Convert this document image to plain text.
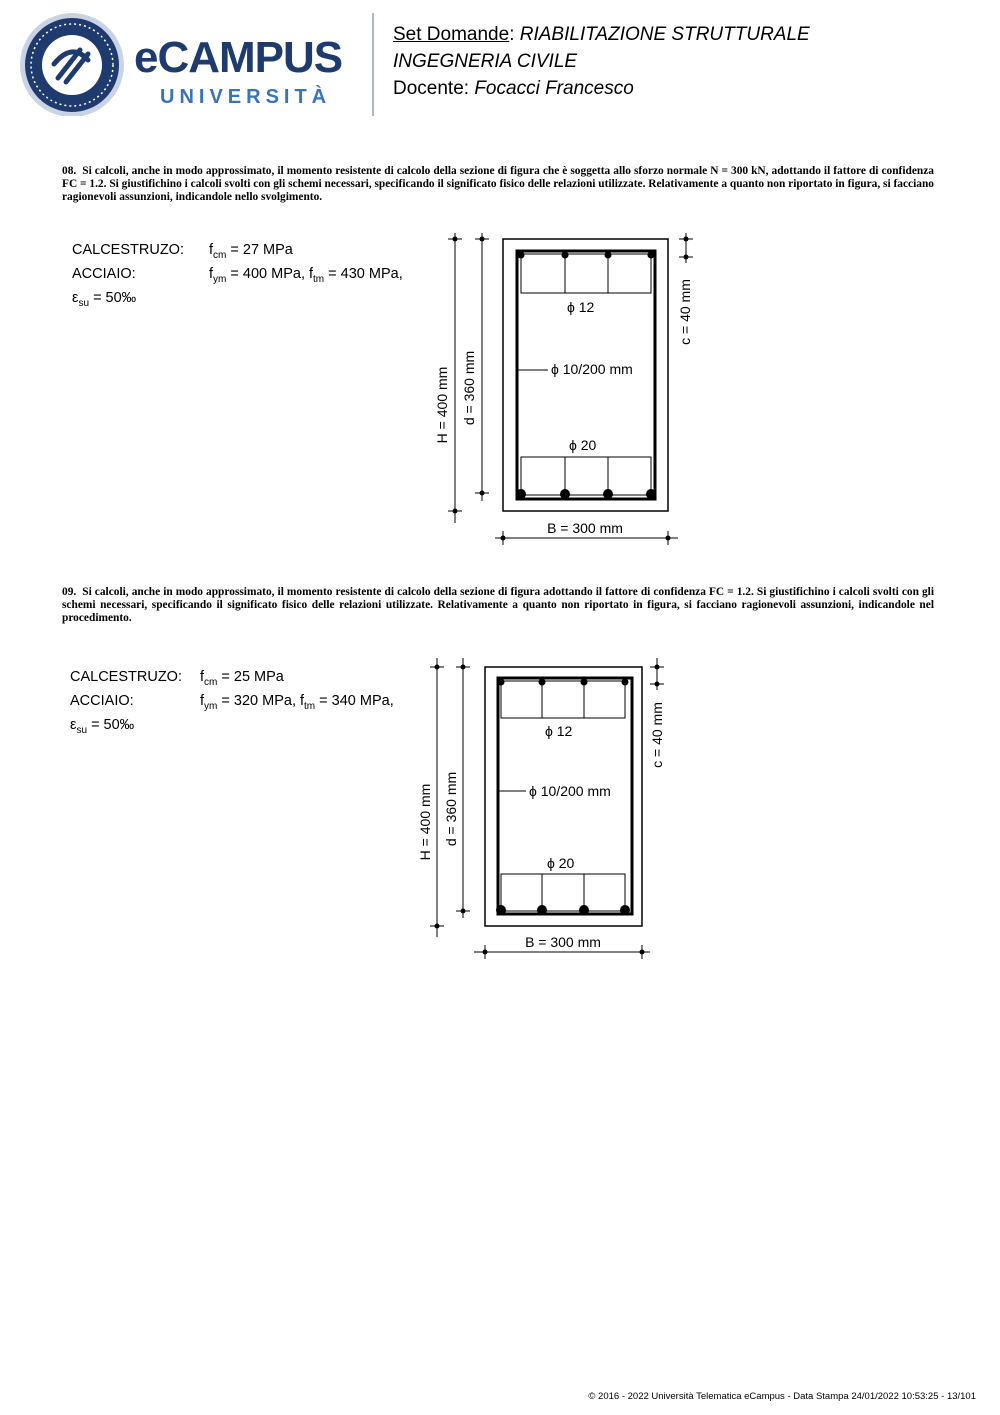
eCAMPUS
UNIVERSITÀ
Set Domande: RIABILITAZIONE STRUTTURALE
INGEGNERIA CIVILE
Docente: Focacci Francesco
08. Si calcoli, anche in modo approssimato, il momento resistente di calcolo della sezione di figura che è soggetta allo sforzo normale N = 300 kN, adottando il fattore di confidenza FC = 1.2. Si giustifichino i calcoli svolti con gli schemi necessari, specificando il significato fisico delle relazioni utilizzate. Relativamente a quanto non riportato in figura, si facciano ragionevoli assunzioni, indicandole nello svolgimento.
CALCESTRUZO: $f_{cm} = 27$ MPa
ACCIAIO:	$f_{ym} = 400$ MPa, $f_{tm} = 430$ MPa,
$\varepsilon_{su}$ = 50‰
ϕ 12
ϕ 10/200 mm
ϕ 20
B = 300 mm
H = 400 mm d = 360 mm
c = 40 mm
09. Si calcoli, anche in modo approssimato, il momento resistente di calcolo della sezione di figura adottando il fattore di confidenza FC = 1.2. Si giustifichino i calcoli svolti con gli schemi necessari, specificando il significato fisico delle relazioni utilizzate. Relativamente a quanto non riportato in figura, si facciano ragionevoli assunzioni, indicandole nel procedimento.
CALCESTRUZO: $f_{cm} = 25$ MPa
ACCIAIO:	$f_{ym} = 320$ MPa, $f_{tm} = 340$ MPa,
$\varepsilon_{su}$ = 50‰	ϕ 12
ϕ 10/200 mm
ϕ 20
B = 300 mm
H = 400 mm d = 360 mm
c = 40 mm
© 2016 - 2022 Università Telematica eCampus - Data Stampa 24/01/2022 10:53:25 - 13/101
